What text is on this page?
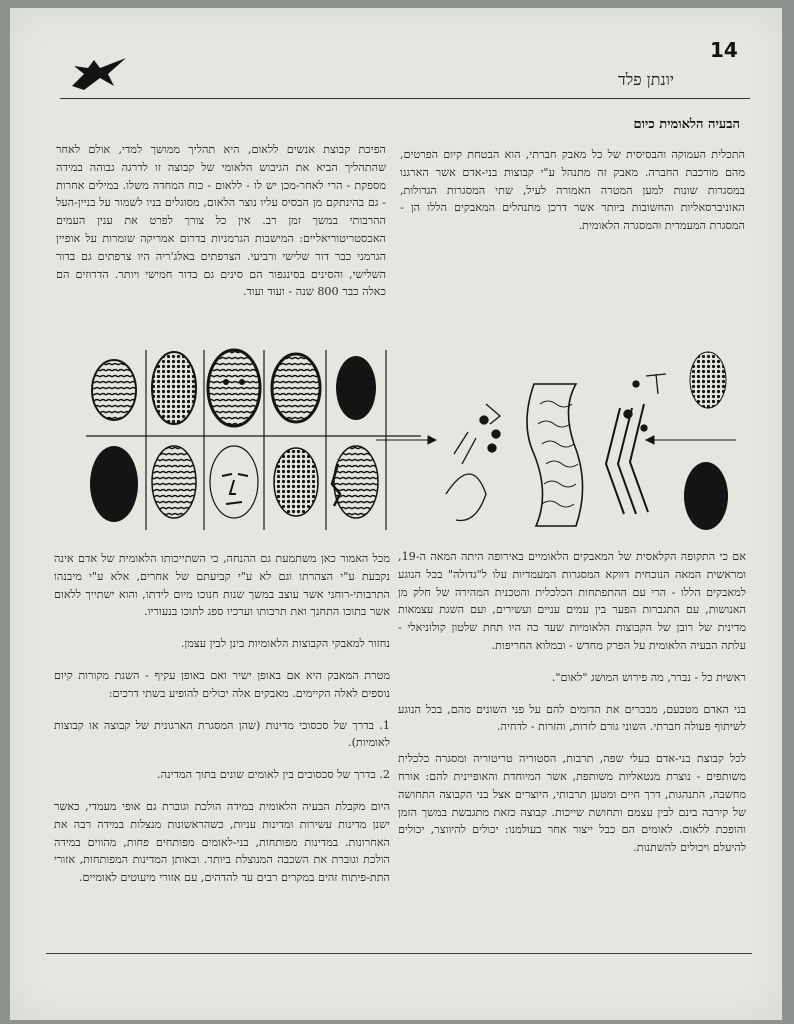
14
יונתן פלד
הבעיה הלאומית כיום

התכלית העמוקה והבסיסית של כל מאבק חברתי, הוא הבטחת קיום הפרטים, מהם מורכבת החברה. מאבק זה מתנהל ע"י קבוצות בני-אדם אשר הארגנו במסגרות שונות למען המטרה האמורה לעיל, שתי המסגרות הגדולות, האוניברסאליות והחשובות ביותר אשר דרכן מתנהלים המאבקים הללו הן - המסגרת המעמדית והמסגרה הלאומית.

הפיכת קבוצת אנשים ללאום, היא תהליך ממושך למדי, אולם לאחר שהתהליך הביא את הגיבוש הלאומי של קבוצה זו לדרגה גבוהה במידה מספקת - הרי לאחר-מכן יש לו - ללאום - כוח המחדה משלו. במילים אחרות - גם בהינתקם מן הבסיס עליו נוצר הלאום, מסוגלים בניו לשמור על בניין-העל ההרבותי במשך זמן רב. אין כל צורך לפרט את ענין העמים האכסטריטוריאליים: המישבות הגרמניות בדרום אמריקה שומרות על אופיין הגרמני כבר דור שלישי ורביעי. הצרפתים באלג'ריה היו צרפתים גם בדור השלישי, והסינים בסינגפור הם סינים גם בדור חמישי ויותר. הדרוזים הם כאלה כבר 800 שנה - ועוד ועוד.

אם כי התקופה הקלאסית של המאבקים הלאומיים באירופה היתה המאה ה-19, ומראשית המאה הנוכחית דווקא המסגרות המעמדיות עלו ל"גדולה" בכל הנוגע למאבקים הללו - הרי עם ההתפתחות הכלכלית והטכנית המהירה של חלק מן האנושות, עם התגברות הפער בין עמים עניים ועשירים, ועם השגת עצמאות מדינית של רובן של הקבוצות הלאומיות שעד כה היו תחת שלטון קולוניאלי - עלתה הבעיה הלאומית על הפרק מחדש - ובמלוא החריפות.

ראשית כל - נברר, מה פירוש המושג "לאום".

בני האדם מטבעם, מבכרים את הדומים להם על פני השונים מהם, בכל הנוגע לשיתוף פעולה חברתי. השוני גורם לזרות, והזרות - לדחיה.

לכל קבוצת בני-אדם בעלי שפה, תרבות, הסטוריה טריטוריה ומסגרה כלכלית משותפים - נוצרת מנטאליות משותפת, אשר המיוחדת והאופיינית להם: אורח מחשבה, התנהגות, דרך חיים ומטען תרבותי, היוצרים אצל בני הקבוצה התחושה של קירבה בינם לבין עצמם ותחושת שייכות. קבוצה כזאת מתגבשת במשך הזמן והופכת ללאום. לאומים הם כבל ייצור אחר בעולמנו: יכולים להיווצר, יכולים להיעלם ויכולים להשתנות.

מכל האמור כאן משתמעת גם ההנחה, כי השתייכותו הלאומית של אדם אינה נקבעת ע"י הצהרתו וגם לא ע"י קביעתם של אחרים, אלא ע"י מיבנהו התרבותי-רוחני אשר עוצב במשך שנות חנוכו מיום לידתו, והוא ישתייך ללאום אשר בתוכו התחנך ואת תרבותו וערכיו ספג לתוכו בנעוריו.

נחזור למאבקי הקבוצות הלאומיות בינן לבין עצמן.

מטרת המאבק היא אם באופן ישיר ואם באופן עקיף - השגת מקורות קיום נוספים לאלה הקיימים. מאבקים אלה יכולים להופיע בשתי דרכים:

1. בדרך של סכסוכי מדינות (שהן המסגרת הארגונית של קבוצה או קבוצות לאומיות).

2. בדרך של סכסוכים בין לאומים שונים בתוך המדינה.

היום מקבלת הבעיה הלאומית במידה הולכת וגוברת גם אופי מעמדי, כאשר ישנן מדינות עשירות ומדינות עניות, כשהראשונות מנצלות במידה רבה את האחרונות. במדינות מפותחות, בני-לאומים מפותחים פחות, מהווים במידה הולכת וגוברת את השכבה המנוצלת ביותר. ובאותן המדינות המפותחות, אזורי התת-פיתוח זהים במקרים רבים עד להדהים, עם אזורי מיעוטים לאומיים.
